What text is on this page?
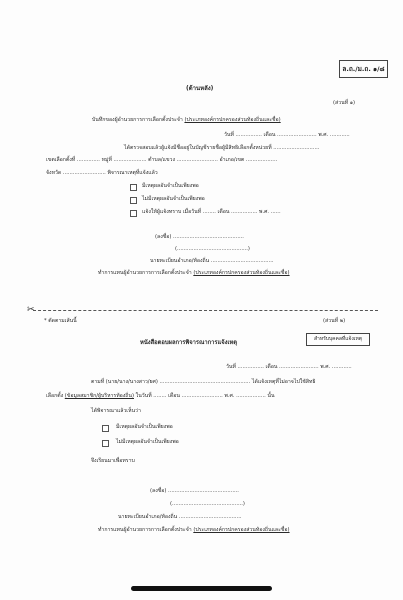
ล.ถ./ม.ถ. ๑/๘
(ด้านหลัง)
(ส่วนที่ ๑)
บันทึกของผู้อำนวยการการเลือกตั้งประจำ (ประเภทองค์กรปกครองส่วนท้องถิ่นและชื่อ)
วันที่ ................ เดือน ........................ พ.ศ. ............
ได้ตรวจสอบแล้วผู้แจ้งมีชื่ออยู่ในบัญชีรายชื่อผู้มีสิทธิเลือกตั้งหน่วยที่ ............................
เขตเลือกตั้งที่ .............. หมู่ที่ .................... ตำบล/แขวง ......................... อำเภอ/เขต ...................
จังหวัด .......................... พิจารณาเหตุที่แจ้งแล้ว
มีเหตุผลอันจำเป็นเพียงพอ
ไม่มีเหตุผลอันจำเป็นเพียงพอ
แจ้งให้ผู้แจ้งทราบ เมื่อวันที่ ........ เดือน ................ พ.ศ. ......
(ลงชื่อ) ...........................................
(...........................................)
นายทะเบียนอำเภอ/ท้องถิ่น ......................................
ทำการแทนผู้อำนวยการการเลือกตั้งประจำ (ประเภทองค์กรปกครองส่วนท้องถิ่นและชื่อ)
✂
* ตัดตามเส้นนี้	(ส่วนที่ ๒)
สำหรับบุคคลที่แจ้งเหตุ
หนังสือตอบผลการพิจารณาการแจ้งเหตุ
วันที่ ................ เดือน ........................ พ.ศ. ............
ตามที่ (นาย/นาง/นางสาว/ยศ) ....................................................... ได้แจ้งเหตุที่ไม่อาจไปใช้สิทธิ
เลือกตั้ง (ข้อมูลสมาชิก/ผู้บริหารท้องถิ่น) ในวันที่ ........ เดือน ......................... พ.ศ. .................. นั้น
ได้พิจารณาแล้วเห็นว่า
มีเหตุผลอันจำเป็นเพียงพอ
ไม่มีเหตุผลอันจำเป็นเพียงพอ
จึงเรียนมาเพื่อทราบ
(ลงชื่อ) ...........................................
(...........................................)
นายทะเบียนอำเภอ/ท้องถิ่น ......................................
ทำการแทนผู้อำนวยการการเลือกตั้งประจำ (ประเภทองค์กรปกครองส่วนท้องถิ่นและชื่อ)
